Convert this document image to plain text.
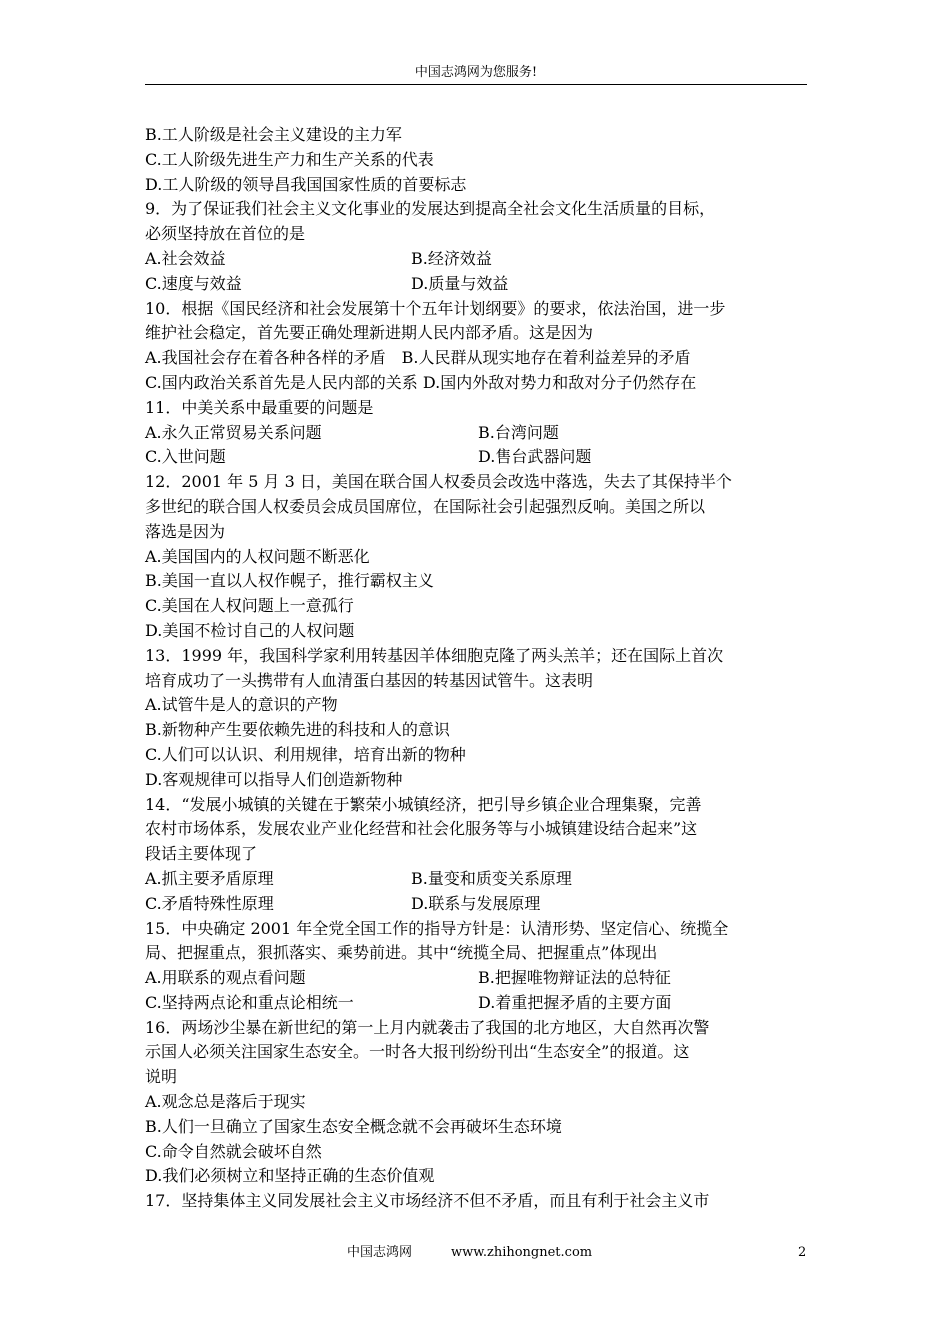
中国志鸿网为您服务!
B.工人阶级是社会主义建设的主力军
C.工人阶级先进生产力和生产关系的代表
D.工人阶级的领导昌我国国家性质的首要标志
9．为了保证我们社会主义文化事业的发展达到提高全社会文化生活质量的目标，
必须坚持放在首位的是
A.社会效益	B.经济效益
C.速度与效益	D.质量与效益
10．根据《国民经济和社会发展第十个五年计划纲要》的要求，依法治国，进一步
维护社会稳定，首先要正确处理新进期人民内部矛盾。这是因为
A.我国社会存在着各种各样的矛盾　B.人民群从现实地存在着利益差异的矛盾
C.国内政治关系首先是人民内部的关系 D.国内外敌对势力和敌对分子仍然存在
11．中美关系中最重要的问题是
A.永久正常贸易关系问题	B.台湾问题
C.入世问题	D.售台武器问题
12．2001 年 5 月 3 日，美国在联合国人权委员会改选中落选，失去了其保持半个
多世纪的联合国人权委员会成员国席位，在国际社会引起强烈反响。美国之所以
落选是因为
A.美国国内的人权问题不断恶化
B.美国一直以人权作幌子，推行霸权主义
C.美国在人权问题上一意孤行
D.美国不检讨自己的人权问题
13．1999 年，我国科学家利用转基因羊体细胞克隆了两头羔羊；还在国际上首次
培育成功了一头携带有人血清蛋白基因的转基因试管牛。这表明
A.试管牛是人的意识的产物
B.新物种产生要依赖先进的科技和人的意识
C.人们可以认识、利用规律，培育出新的物种
D.客观规律可以指导人们创造新物种
14．“发展小城镇的关键在于繁荣小城镇经济，把引导乡镇企业合理集聚，完善
农村市场体系，发展农业产业化经营和社会化服务等与小城镇建设结合起来”这
段话主要体现了
A.抓主要矛盾原理	B.量变和质变关系原理
C.矛盾特殊性原理	D.联系与发展原理
15．中央确定 2001 年全党全国工作的指导方针是：认清形势、坚定信心、统揽全
局、把握重点，狠抓落实、乘势前进。其中“统揽全局、把握重点”体现出
A.用联系的观点看问题	B.把握唯物辩证法的总特征
C.坚持两点论和重点论相统一	D.着重把握矛盾的主要方面
16．两场沙尘暴在新世纪的第一上月内就袭击了我国的北方地区，大自然再次警
示国人必须关注国家生态安全。一时各大报刊纷纷刊出“生态安全”的报道。这
说明
A.观念总是落后于现实
B.人们一旦确立了国家生态安全概念就不会再破坏生态环境
C.命令自然就会破坏自然
D.我们必须树立和坚持正确的生态价值观
17．坚持集体主义同发展社会主义市场经济不但不矛盾，而且有利于社会主义市
中国志鸿网	www.zhihongnet.com	2
